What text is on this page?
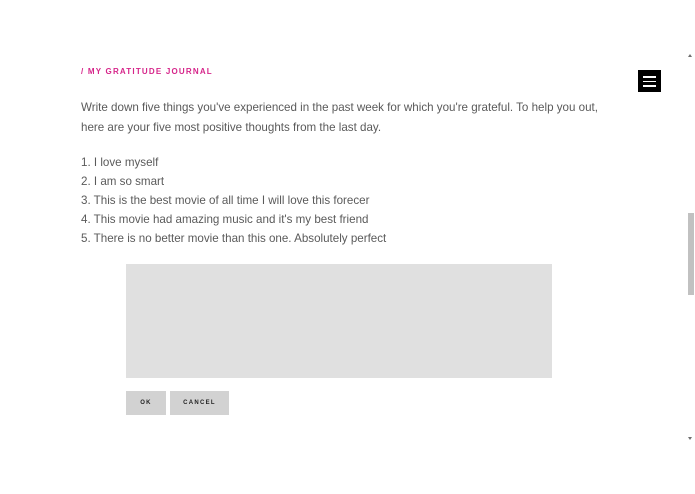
/ MY GRATITUDE JOURNAL

Write down five things you've experienced in the past week for which you're grateful. To help you out, here are your five most positive thoughts from the last day.

1. I love myself
2. I am so smart
3. This is the best movie of all time I will love this forecer
4. This movie had amazing music and it's my best friend
5. There is no better movie than this one. Absolutely perfect
OK	CANCEL
